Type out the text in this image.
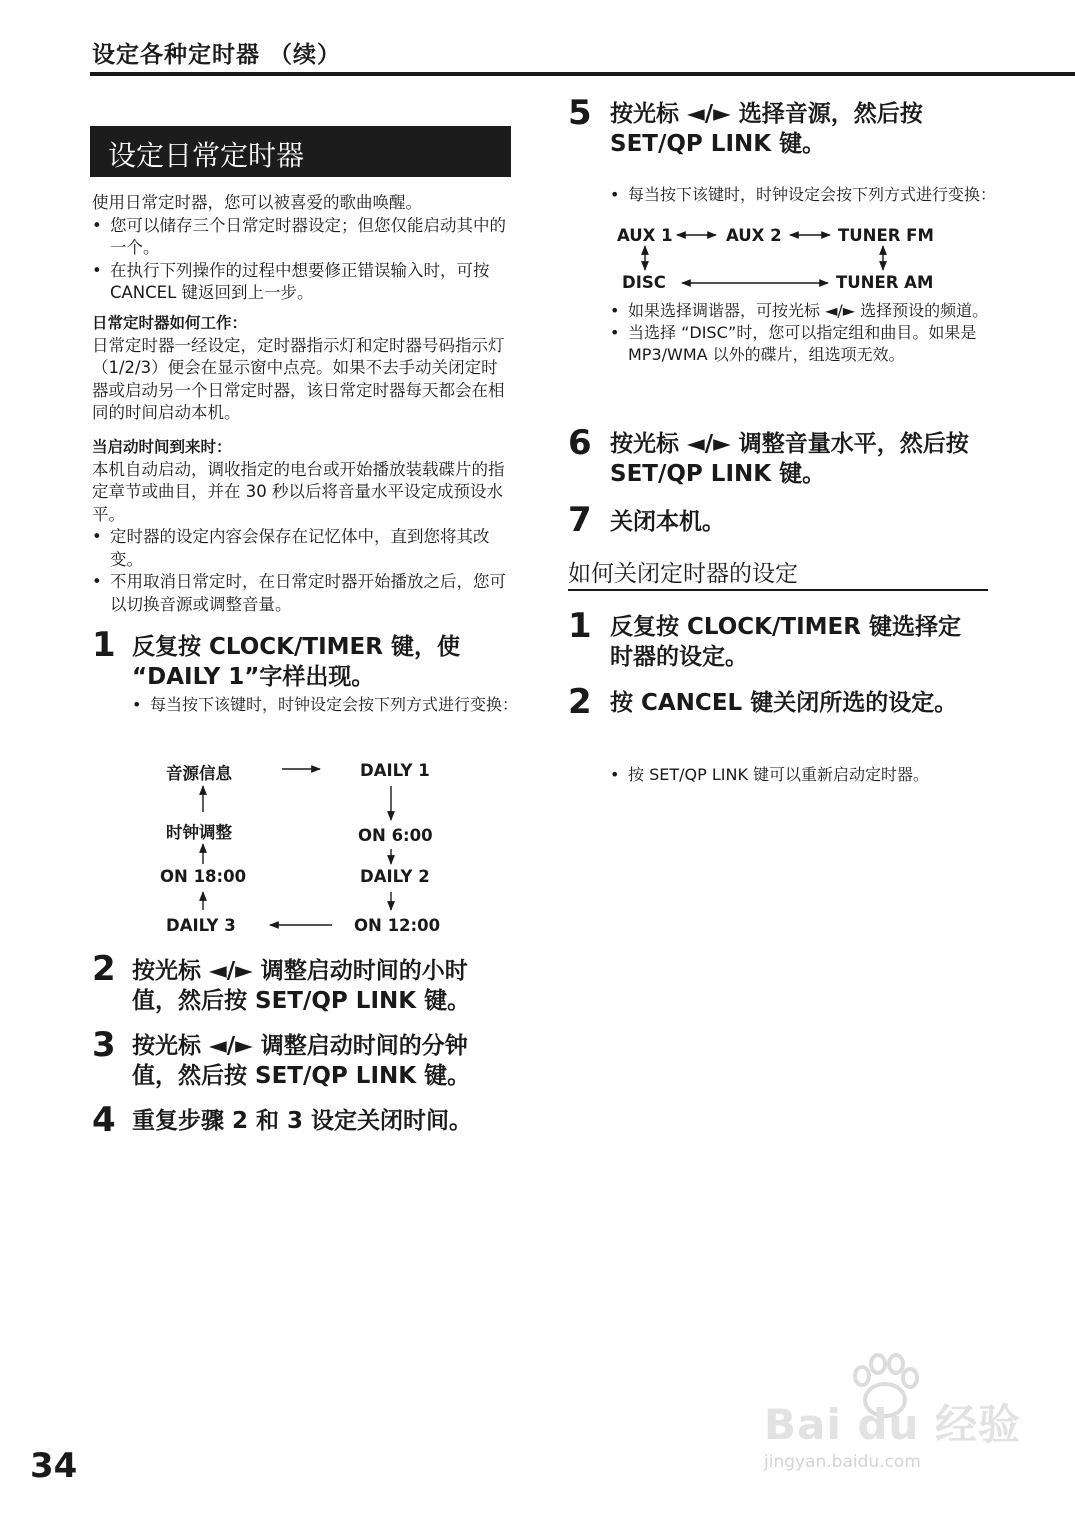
设定各种定时器 （续）
设定日常定时器
使用日常定时器，您可以被喜爱的歌曲唤醒。
• 您可以储存三个日常定时器设定；但您仅能启动其中的一个。
• 在执行下列操作的过程中想要修正错误输入时，可按 CANCEL 键返回到上一步。
日常定时器如何工作：
日常定时器一经设定，定时器指示灯和定时器号码指示灯 （1/2/3）便会在显示窗中点亮。如果不去手动关闭定时器或启动另一个日常定时器，该日常定时器每天都会在相同的时间启动本机。
当启动时间到来时：
本机自动启动，调收指定的电台或开始播放装载碟片的指定章节或曲目，并在 30 秒以后将音量水平设定成预设水平。
• 定时器的设定内容会保存在记忆体中，直到您将其改变。
• 不用取消日常定时，在日常定时器开始播放之后，您可以切换音源或调整音量。
1 反复按 CLOCK/TIMER 键，使 “DAILY 1”字样出现。
• 每当按下该键时，时钟设定会按下列方式进行变换：
音源信息	DAILY 1
时钟调整	ON 6:00
ON 18:00	DAILY 2
DAILY 3	ON 12:00
2 按光标 ◄/► 调整启动时间的小时值，然后按 SET/QP LINK 键。
3 按光标 ◄/► 调整启动时间的分钟值，然后按 SET/QP LINK 键。
4 重复步骤 2 和 3 设定关闭时间。
5 按光标 ◄/► 选择音源，然后按 SET/QP LINK 键。
• 每当按下该键时，时钟设定会按下列方式进行变换：
AUX 1	AUX 2	TUNER FM
DISC	TUNER AM
• 如果选择调谐器，可按光标 ◄/► 选择预设的频道。
• 当选择 “DISC”时，您可以指定组和曲目。如果是 MP3/WMA 以外的碟片，组选项无效。
6 按光标 ◄/► 调整音量水平，然后按 SET/QP LINK 键。
7 关闭本机。
如何关闭定时器的设定
1 反复按 CLOCK/TIMER 键选择定时器的设定。
2 按 CANCEL 键关闭所选的设定。
• 按 SET/QP LINK 键可以重新启动定时器。
34
Bai du 经验
jingyan.baidu.com
